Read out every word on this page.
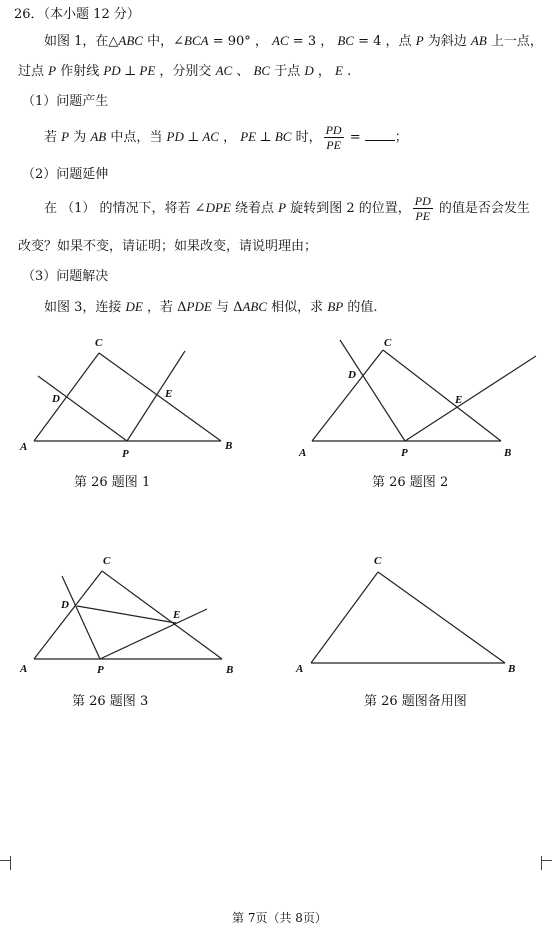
26．（本小题 12 分）
如图 1，在△ABC 中，∠BCA = 90° ， AC = 3 ， BC = 4 ，点 P 为斜边 AB 上一点，
过点 P 作射线 PD ⊥ PE ，分别交 AC 、 BC 于点 D ， E .
（1）问题产生
若 P 为 AB 中点，当 PD ⊥ AC ， PE ⊥ BC 时， $\frac{PD}{PE}$ = ；
（2）问题延伸
在 （1） 的情况下，将若 ∠DPE 绕着点 P 旋转到图 2 的位置， $\frac{PD}{PE}$ 的值是否会发生
改变？如果不变，请证明；如果改变，请说明理由；
（3）问题解决
如图 3，连接 DE ，若 ΔPDE 与 ΔABC 相似，求 BP 的值.
C
D	E
A
P
B
第 26 题图 1
C
D
E
A	P	B
第 26 题图 2
C
D
E
A	P	B
第 26 题图 3
C
A	B
第 26 题图备用图
第 7页（共 8页）
